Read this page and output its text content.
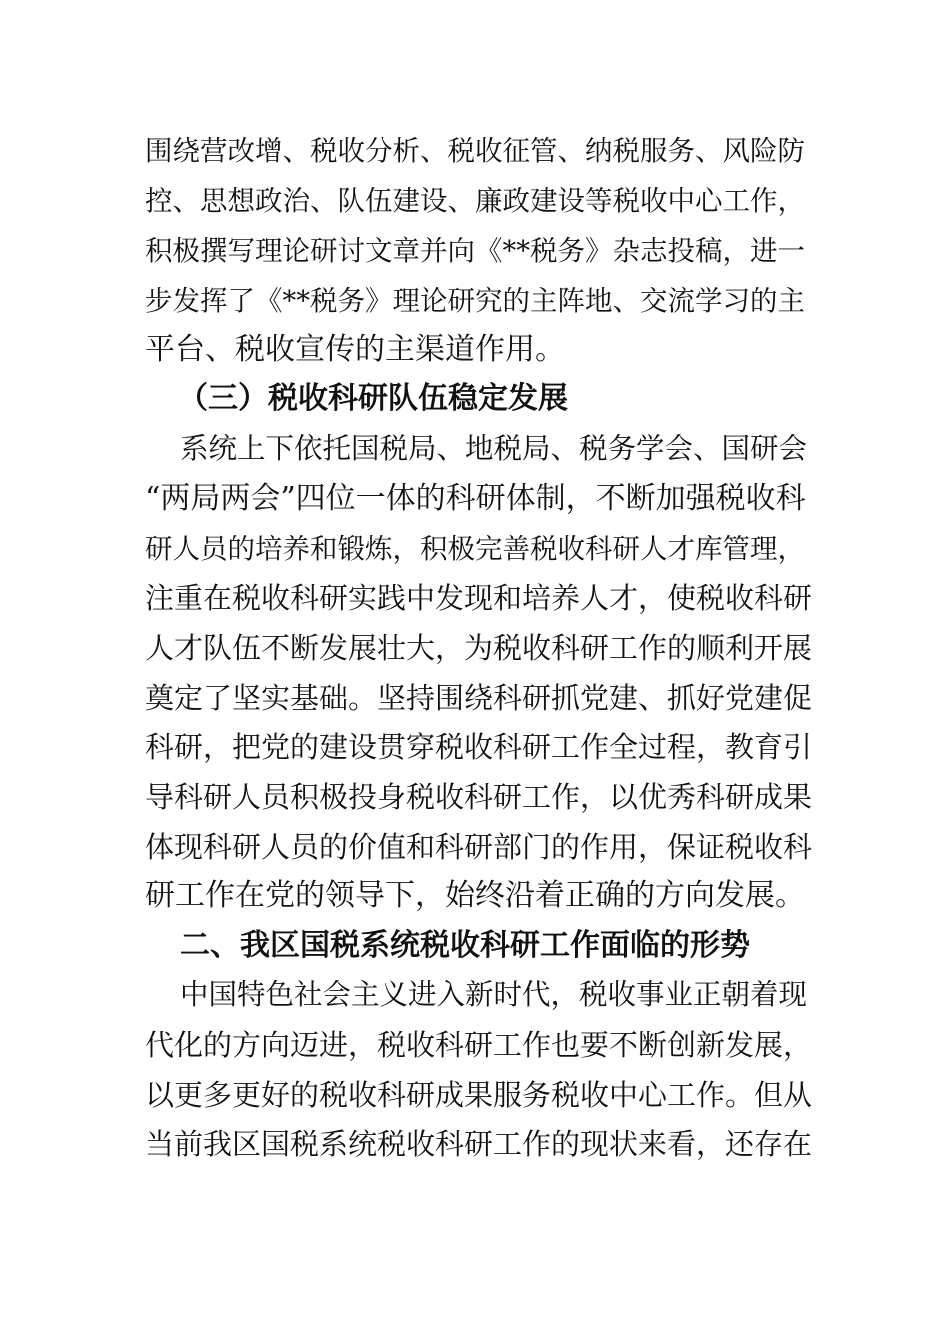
围绕营改增、税收分析、税收征管、纳税服务、风险防
控、思想政治、队伍建设、廉政建设等税收中心工作，
积极撰写理论研讨文章并向《**税务》杂志投稿，进一
步发挥了《**税务》理论研究的主阵地、交流学习的主
平台、税收宣传的主渠道作用。
（三）税收科研队伍稳定发展
系统上下依托国税局、地税局、税务学会、国研会
“两局两会”四位一体的科研体制，不断加强税收科
研人员的培养和锻炼，积极完善税收科研人才库管理，
注重在税收科研实践中发现和培养人才，使税收科研
人才队伍不断发展壮大，为税收科研工作的顺利开展
奠定了坚实基础。坚持围绕科研抓党建、抓好党建促
科研，把党的建设贯穿税收科研工作全过程，教育引
导科研人员积极投身税收科研工作，以优秀科研成果
体现科研人员的价值和科研部门的作用，保证税收科
研工作在党的领导下，始终沿着正确的方向发展。
二、我区国税系统税收科研工作面临的形势
中国特色社会主义进入新时代，税收事业正朝着现
代化的方向迈进，税收科研工作也要不断创新发展，
以更多更好的税收科研成果服务税收中心工作。但从
当前我区国税系统税收科研工作的现状来看，还存在
